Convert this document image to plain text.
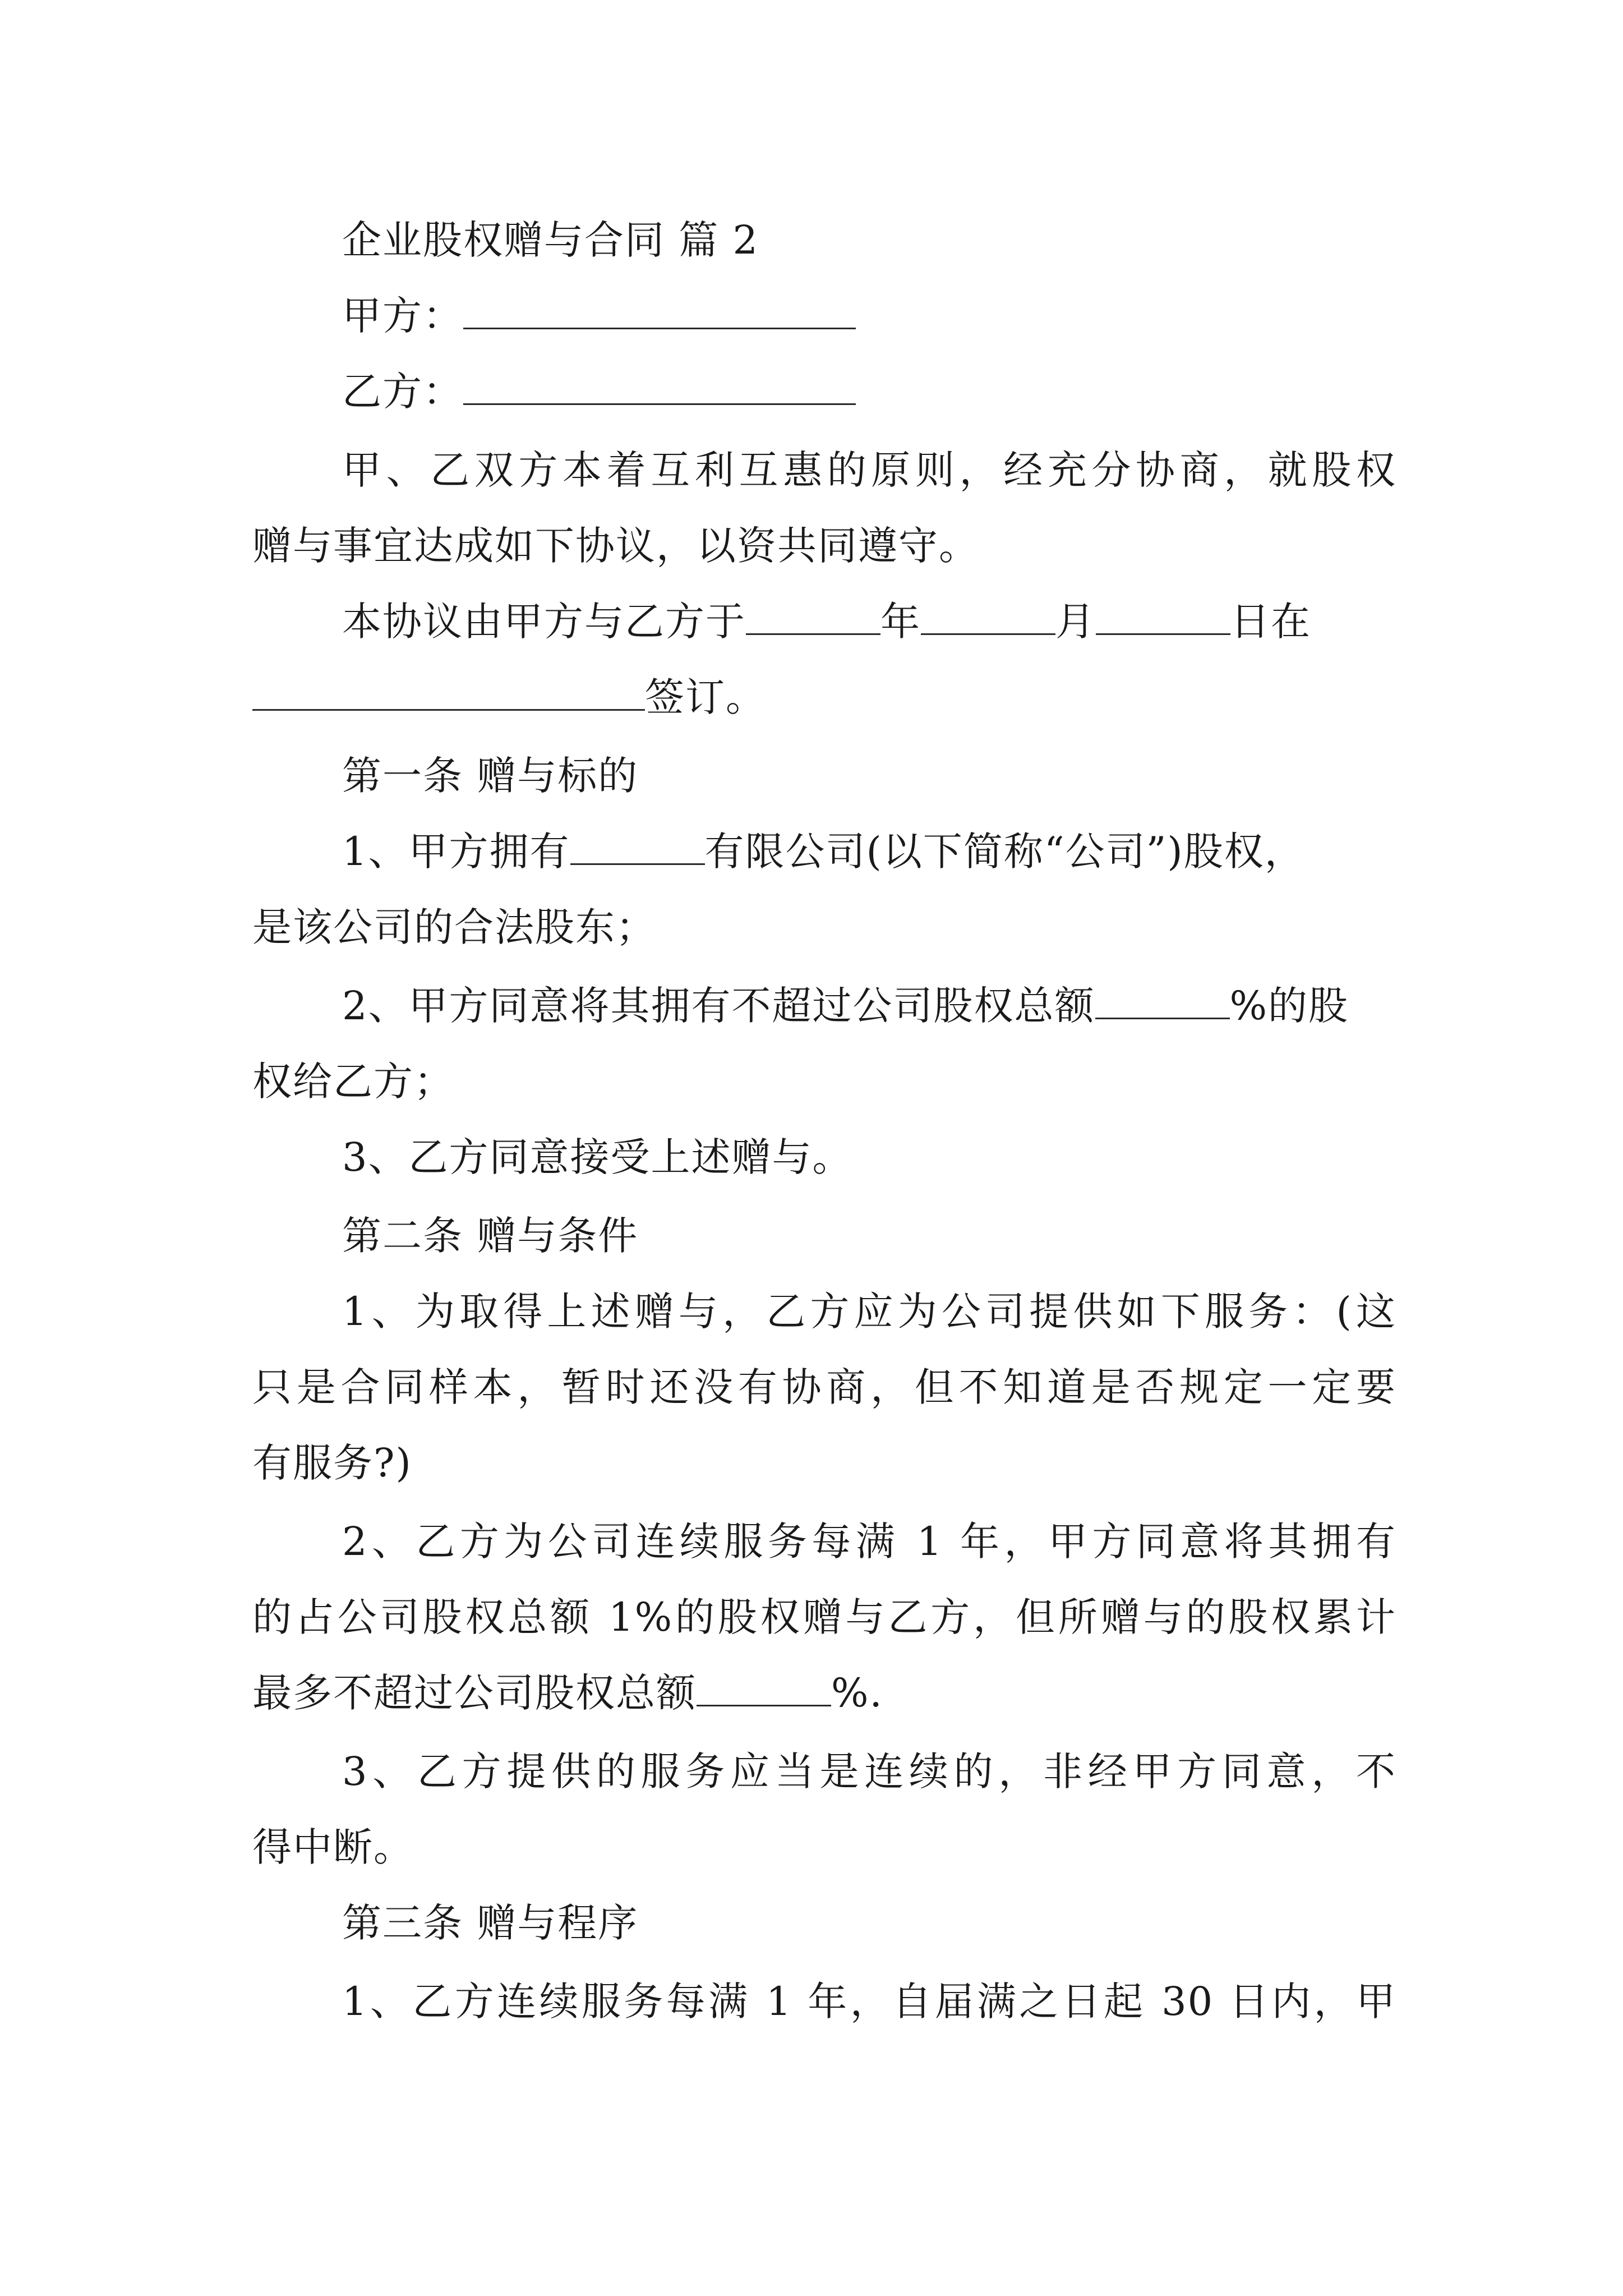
企业股权赠与合同 篇 2
甲方：
乙方：
甲、乙双方本着互利互惠的原则，经充分协商，就股权
赠与事宜达成如下协议，以资共同遵守。
本协议由甲方与乙方于	年	月	日在
签订。
第一条 赠与标的
1、甲方拥有	有限公司(以下简称“公司”)股权，
是该公司的合法股东；
2、甲方同意将其拥有不超过公司股权总额	%的股
权给乙方；
3、乙方同意接受上述赠与。
第二条 赠与条件
1、为取得上述赠与，乙方应为公司提供如下服务：(这
只是合同样本，暂时还没有协商，但不知道是否规定一定要
有服务?)
2、乙方为公司连续服务每满 1 年，甲方同意将其拥有
的占公司股权总额 1%的股权赠与乙方，但所赠与的股权累计
最多不超过公司股权总额	%.
3、乙方提供的服务应当是连续的，非经甲方同意，不
得中断。
第三条 赠与程序
1、乙方连续服务每满 1 年，自届满之日起 30 日内，甲
